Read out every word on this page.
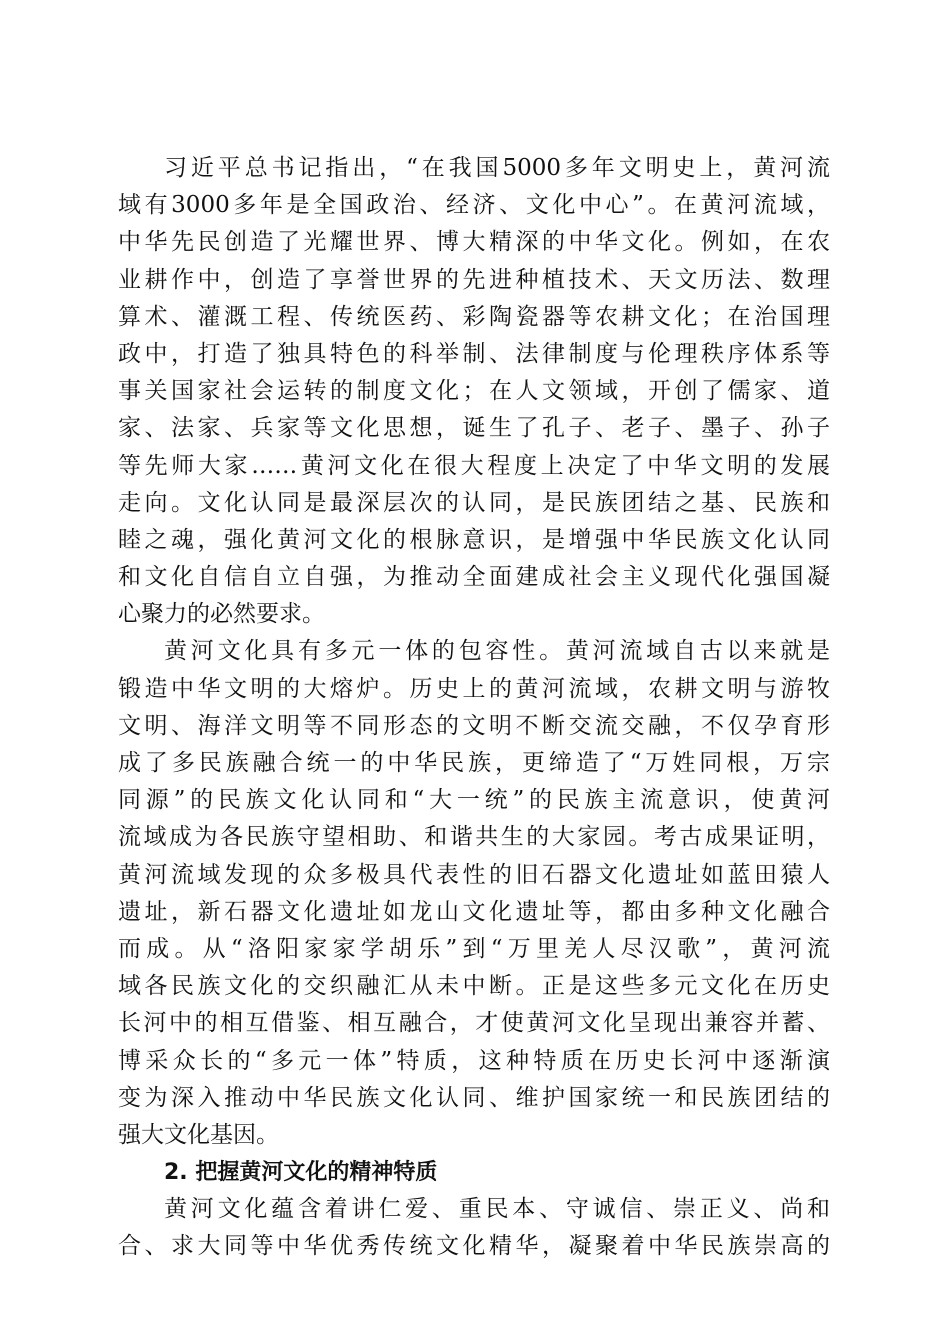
习近平总书记指出，“在我国5000多年文明史上，黄河流
域有3000多年是全国政治、经济、文化中心”。在黄河流域，
中华先民创造了光耀世界、博大精深的中华文化。例如，在农
业耕作中，创造了享誉世界的先进种植技术、天文历法、数理
算术、灌溉工程、传统医药、彩陶瓷器等农耕文化；在治国理
政中，打造了独具特色的科举制、法律制度与伦理秩序体系等
事关国家社会运转的制度文化；在人文领域，开创了儒家、道
家、法家、兵家等文化思想，诞生了孔子、老子、墨子、孙子
等先师大家……黄河文化在很大程度上决定了中华文明的发展
走向。文化认同是最深层次的认同，是民族团结之基、民族和
睦之魂，强化黄河文化的根脉意识，是增强中华民族文化认同
和文化自信自立自强，为推动全面建成社会主义现代化强国凝
心聚力的必然要求。
黄河文化具有多元一体的包容性。黄河流域自古以来就是
锻造中华文明的大熔炉。历史上的黄河流域，农耕文明与游牧
文明、海洋文明等不同形态的文明不断交流交融，不仅孕育形
成了多民族融合统一的中华民族，更缔造了“万姓同根，万宗
同源”的民族文化认同和“大一统”的民族主流意识，使黄河
流域成为各民族守望相助、和谐共生的大家园。考古成果证明，
黄河流域发现的众多极具代表性的旧石器文化遗址如蓝田猿人
遗址，新石器文化遗址如龙山文化遗址等，都由多种文化融合
而成。从“洛阳家家学胡乐”到“万里羌人尽汉歌”，黄河流
域各民族文化的交织融汇从未中断。正是这些多元文化在历史
长河中的相互借鉴、相互融合，才使黄河文化呈现出兼容并蓄、
博采众长的“多元一体”特质，这种特质在历史长河中逐渐演
变为深入推动中华民族文化认同、维护国家统一和民族团结的
强大文化基因。
2. 把握黄河文化的精神特质
黄河文化蕴含着讲仁爱、重民本、守诚信、崇正义、尚和
合、求大同等中华优秀传统文化精华，凝聚着中华民族崇高的
